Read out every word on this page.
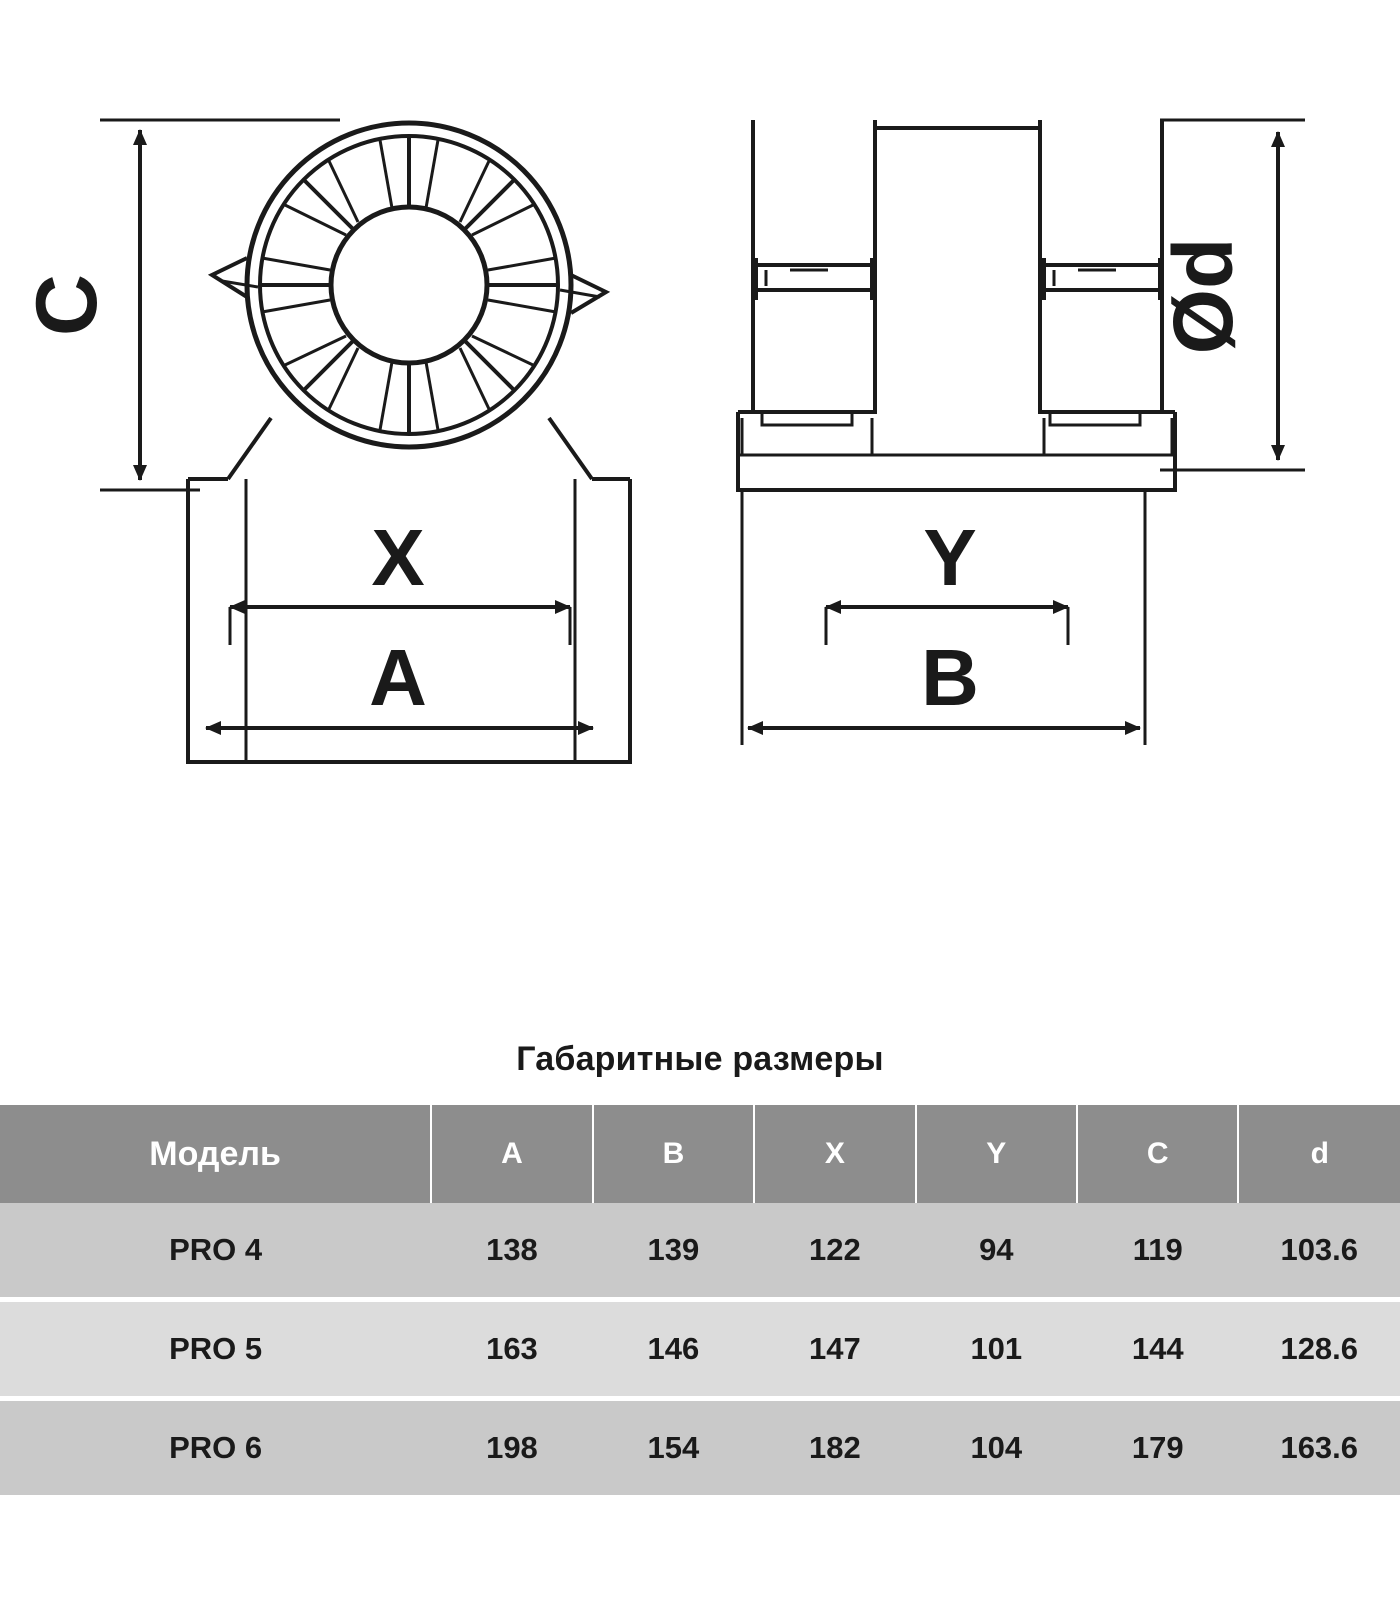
C
X
A
Ød
Y
B
Габаритные размеры
Модель	A	B	X	Y	C	d
PRO 4	138	139	122	94	119	103.6
PRO 5	163	146	147	101	144	128.6
PRO 6	198	154	182	104	179	163.6
